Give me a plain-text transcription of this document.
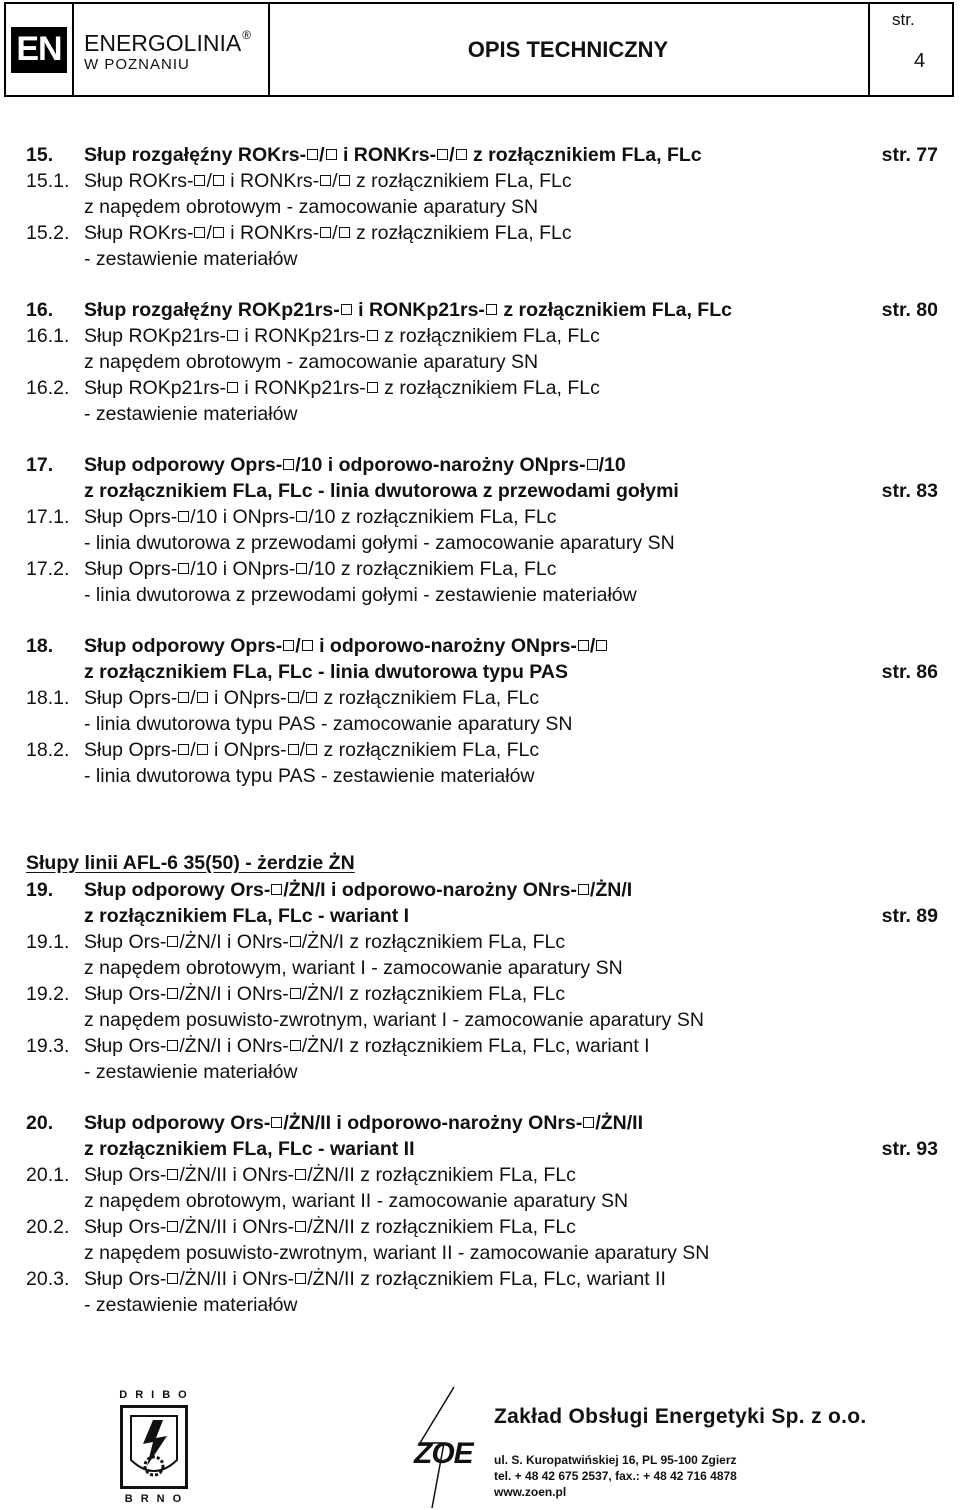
EN ENERGOLINIA®
W POZNANIU
OPIS TECHNICZNY
str.
4
15. Słup rozgałęźny ROKrs- / i RONKrs- / z rozłącznikiem FLa, FLc	str. 77
15.1. Słup ROKrs- / i RONKrs- / z rozłącznikiem FLa, FLc
z napędem obrotowym - zamocowanie aparatury SN
15.2. Słup ROKrs- / i RONKrs- / z rozłącznikiem FLa, FLc
- zestawienie materiałów
16. Słup rozgałęźny ROKp21rs- i RONKp21rs- z rozłącznikiem FLa, FLc	str. 80
16.1. Słup ROKp21rs- i RONKp21rs- z rozłącznikiem FLa, FLc
z napędem obrotowym - zamocowanie aparatury SN
16.2. Słup ROKp21rs- i RONKp21rs- z rozłącznikiem FLa, FLc
- zestawienie materiałów
17. Słup odporowy Oprs- /10 i odporowo-narożny ONprs- /10
z rozłącznikiem FLa, FLc - linia dwutorowa z przewodami gołymi	str. 83
17.1. Słup Oprs- /10 i ONprs- /10 z rozłącznikiem FLa, FLc
- linia dwutorowa z przewodami gołymi - zamocowanie aparatury SN
17.2. Słup Oprs- /10 i ONprs- /10 z rozłącznikiem FLa, FLc
- linia dwutorowa z przewodami gołymi - zestawienie materiałów
18. Słup odporowy Oprs- / i odporowo-narożny ONprs- /
z rozłącznikiem FLa, FLc - linia dwutorowa typu PAS	str. 86
18.1. Słup Oprs- / i ONprs- / z rozłącznikiem FLa, FLc
- linia dwutorowa typu PAS - zamocowanie aparatury SN
18.2. Słup Oprs- / i ONprs- / z rozłącznikiem FLa, FLc
- linia dwutorowa typu PAS - zestawienie materiałów
19. Słup odporowy Ors- /ŻN/I i odporowo-narożny ONrs- /ŻN/I
z rozłącznikiem FLa, FLc - wariant I	str. 89
19.1. Słup Ors- /ŻN/I i ONrs- /ŻN/I z rozłącznikiem FLa, FLc
z napędem obrotowym, wariant I - zamocowanie aparatury SN
19.2. Słup Ors- /ŻN/I i ONrs- /ŻN/I z rozłącznikiem FLa, FLc
z napędem posuwisto-zwrotnym, wariant I - zamocowanie aparatury SN
19.3. Słup Ors- /ŻN/I i ONrs- /ŻN/I z rozłącznikiem FLa, FLc, wariant I
- zestawienie materiałów
20. Słup odporowy Ors- /ŻN/II i odporowo-narożny ONrs- /ŻN/II
z rozłącznikiem FLa, FLc - wariant II	str. 93
20.1. Słup Ors- /ŻN/II i ONrs- /ŻN/II z rozłącznikiem FLa, FLc
z napędem obrotowym, wariant II - zamocowanie aparatury SN
20.2. Słup Ors- /ŻN/II i ONrs- /ŻN/II z rozłącznikiem FLa, FLc
z napędem posuwisto-zwrotnym, wariant II - zamocowanie aparatury SN
20.3. Słup Ors- /ŻN/II i ONrs- /ŻN/II z rozłącznikiem FLa, FLc, wariant II
- zestawienie materiałów
Słupy linii AFL-6 35(50) - żerdzie ŻN
DRIBO
BRNO
ZOE
Zakład Obsługi Energetyki Sp. z o.o.
ul. S. Kuropatwińskiej 16, PL 95-100 Zgierz
tel. + 48 42 675 2537, fax.: + 48 42 716 4878
www.zoen.pl
